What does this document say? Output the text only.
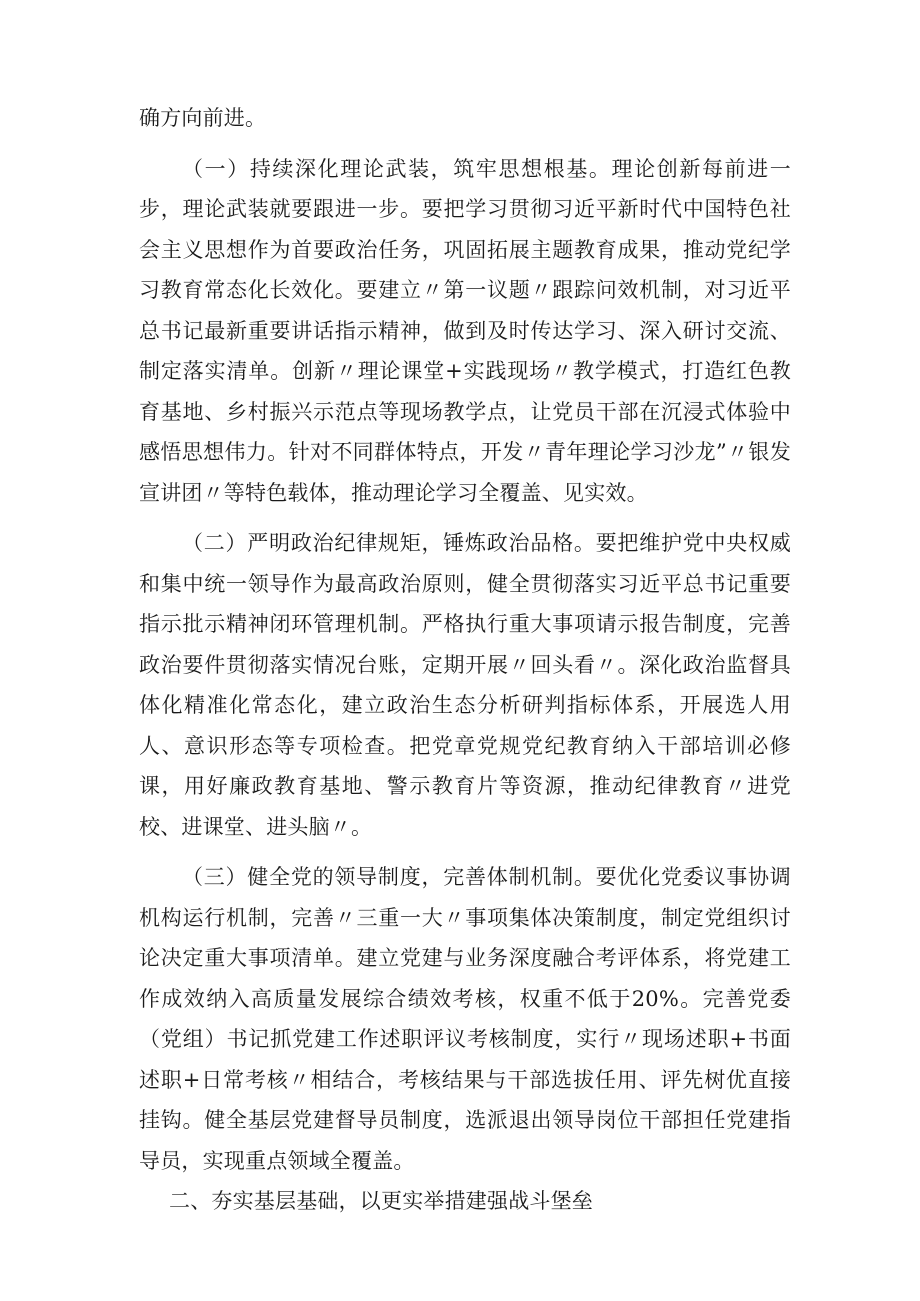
确方向前进。

（一）持续深化理论武装，筑牢思想根基。理论创新每前进一步，理论武装就要跟进一步。要把学习贯彻习近平新时代中国特色社会主义思想作为首要政治任务，巩固拓展主题教育成果，推动党纪学习教育常态化长效化。要建立〃第一议题〃跟踪问效机制，对习近平总书记最新重要讲话指示精神，做到及时传达学习、深入研讨交流、制定落实清单。创新〃理论课堂+实践现场〃教学模式，打造红色教育基地、乡村振兴示范点等现场教学点，让党员干部在沉浸式体验中感悟思想伟力。针对不同群体特点，开发〃青年理论学习沙龙”〃银发宣讲团〃等特色载体，推动理论学习全覆盖、见实效。

（二）严明政治纪律规矩，锤炼政治品格。要把维护党中央权威和集中统一领导作为最高政治原则，健全贯彻落实习近平总书记重要指示批示精神闭环管理机制。严格执行重大事项请示报告制度，完善政治要件贯彻落实情况台账，定期开展〃回头看〃。深化政治监督具体化精准化常态化，建立政治生态分析研判指标体系，开展选人用人、意识形态等专项检查。把党章党规党纪教育纳入干部培训必修课，用好廉政教育基地、警示教育片等资源，推动纪律教育〃进党校、进课堂、进头脑〃。

（三）健全党的领导制度，完善体制机制。要优化党委议事协调机构运行机制，完善〃三重一大〃事项集体决策制度，制定党组织讨论决定重大事项清单。建立党建与业务深度融合考评体系，将党建工作成效纳入高质量发展综合绩效考核，权重不低于20%。完善党委（党组）书记抓党建工作述职评议考核制度，实行〃现场述职+书面述职+日常考核〃相结合，考核结果与干部选拔任用、评先树优直接挂钩。健全基层党建督导员制度，选派退出领导岗位干部担任党建指导员，实现重点领域全覆盖。

二、夯实基层基础，以更实举措建强战斗堡垒
